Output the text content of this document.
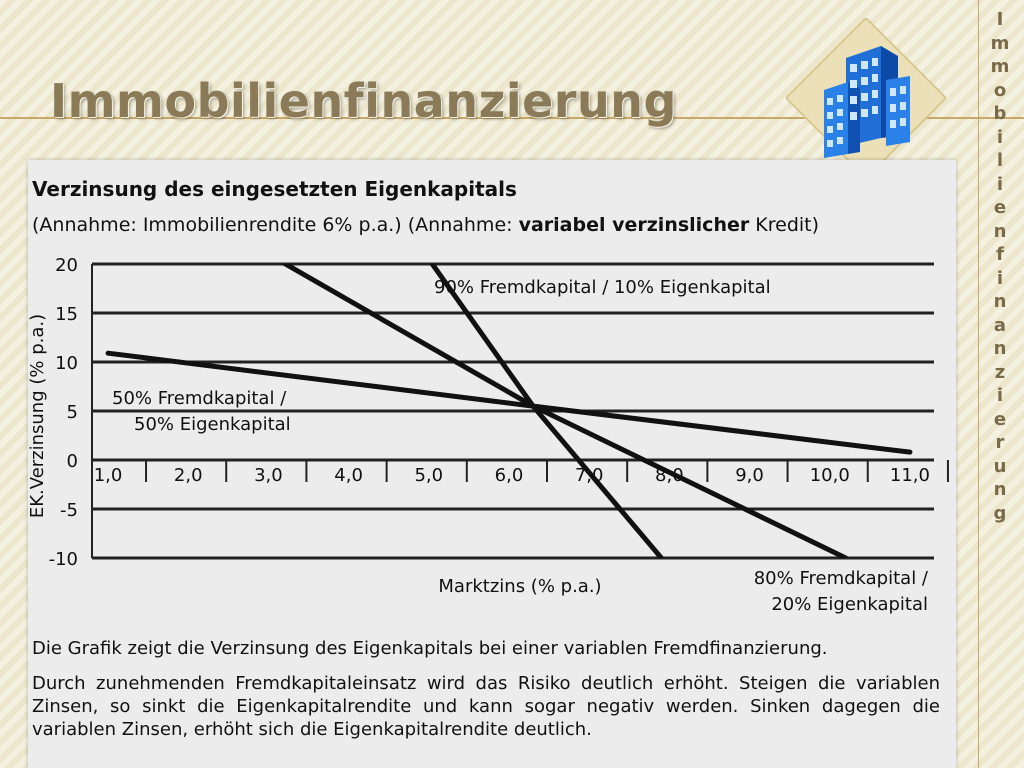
Immobilienfinanzierung
Verzinsung des eingesetzten Eigenkapitals
(Annahme: Immobilienrendite 6% p.a.) (Annahme: variabel verzinslicher Kredit)
20
15
10
5
0
-5
-10
1,0	2,0	3,0	4,0	5,0	6,0	7,0	8,0	9,0	10,0 11,0
50% Fremdkapital /
50% Eigenkapital
80% Fremdkapital /
20% Eigenkapital
90% Fremdkapital / 10% Eigenkapital
Marktzins (% p.a.)
EK.Verzinsung (% p.a.)
Die Grafik zeigt die Verzinsung des Eigenkapitals bei einer variablen Fremdfinanzierung.
Durch zunehmenden Fremdkapitaleinsatz wird das Risiko deutlich erhöht. Steigen die variablen Zinsen, so sinkt die Eigenkapitalrendite und kann sogar negativ werden. Sinken dagegen die variablen Zinsen, erhöht sich die Eigenkapitalrendite deutlich.
I
m
m
o
b
i
l
i
e
n
f
i
n
a
n
z
i
e
r
u
n
g
